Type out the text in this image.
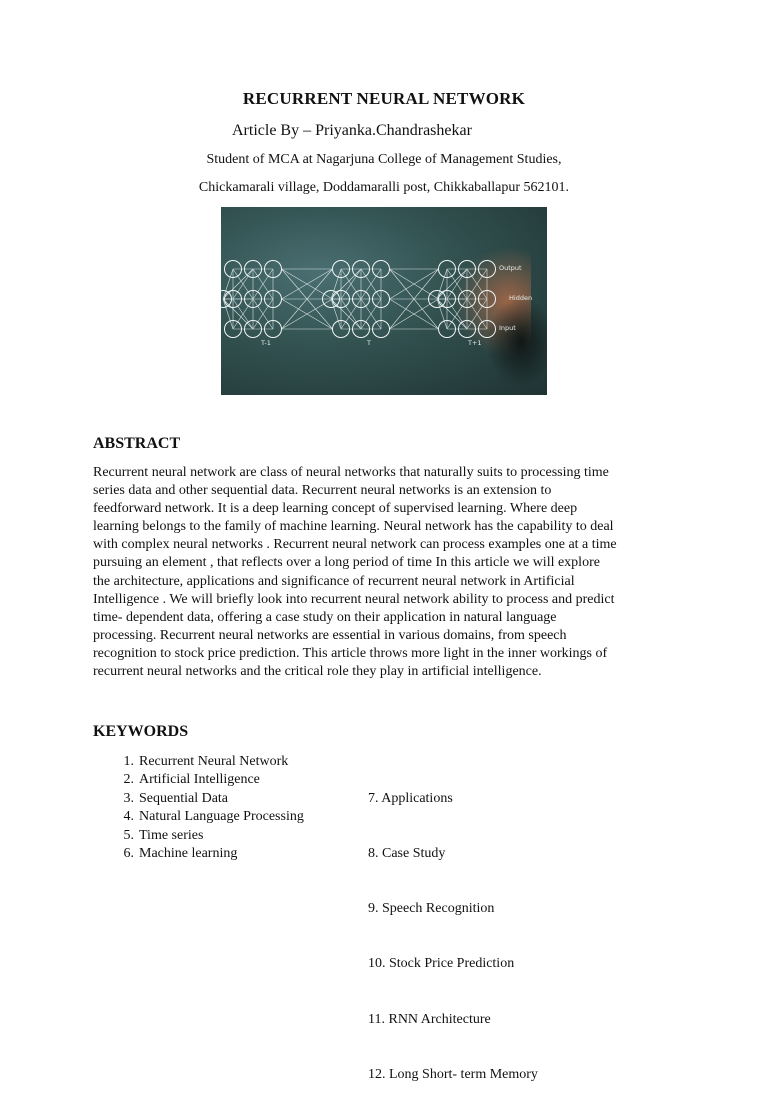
RECURRENT NEURAL NETWORK
Article By – Priyanka.Chandrashekar
Student of MCA at Nagarjuna College of Management Studies,
Chickamarali village, Doddamaralli post, Chikkaballapur 562101.
Output
Hidden
Input
T-1	T	T+1
ABSTRACT
Recurrent neural network are class of neural networks that naturally suits to processing time
series data and other sequential data. Recurrent neural networks is an extension to
feedforward network. It is a deep learning concept of supervised learning. Where deep
learning belongs to the family of machine learning. Neural network has the capability to deal
with complex neural networks . Recurrent neural network can process examples one at a time
pursuing an element , that reflects over a long period of time In this article we will explore
the architecture, applications and significance of recurrent neural network in Artificial
Intelligence . We will briefly look into recurrent neural network ability to process and predict
time- dependent data, offering a case study on their application in natural language
processing. Recurrent neural networks are essential in various domains, from speech
recognition to stock price prediction. This article throws more light in the inner workings of
recurrent neural networks and the critical role they play in artificial intelligence.
KEYWORDS
1.
2.
3.
4.
5.
6.
Recurrent Neural Network
Artificial Intelligence
Sequential Data
Natural Language Processing
Time series
Machine learning

7. Applications

8. Case Study

9. Speech Recognition

10. Stock Price Prediction

11. RNN Architecture

12. Long Short- term Memory
